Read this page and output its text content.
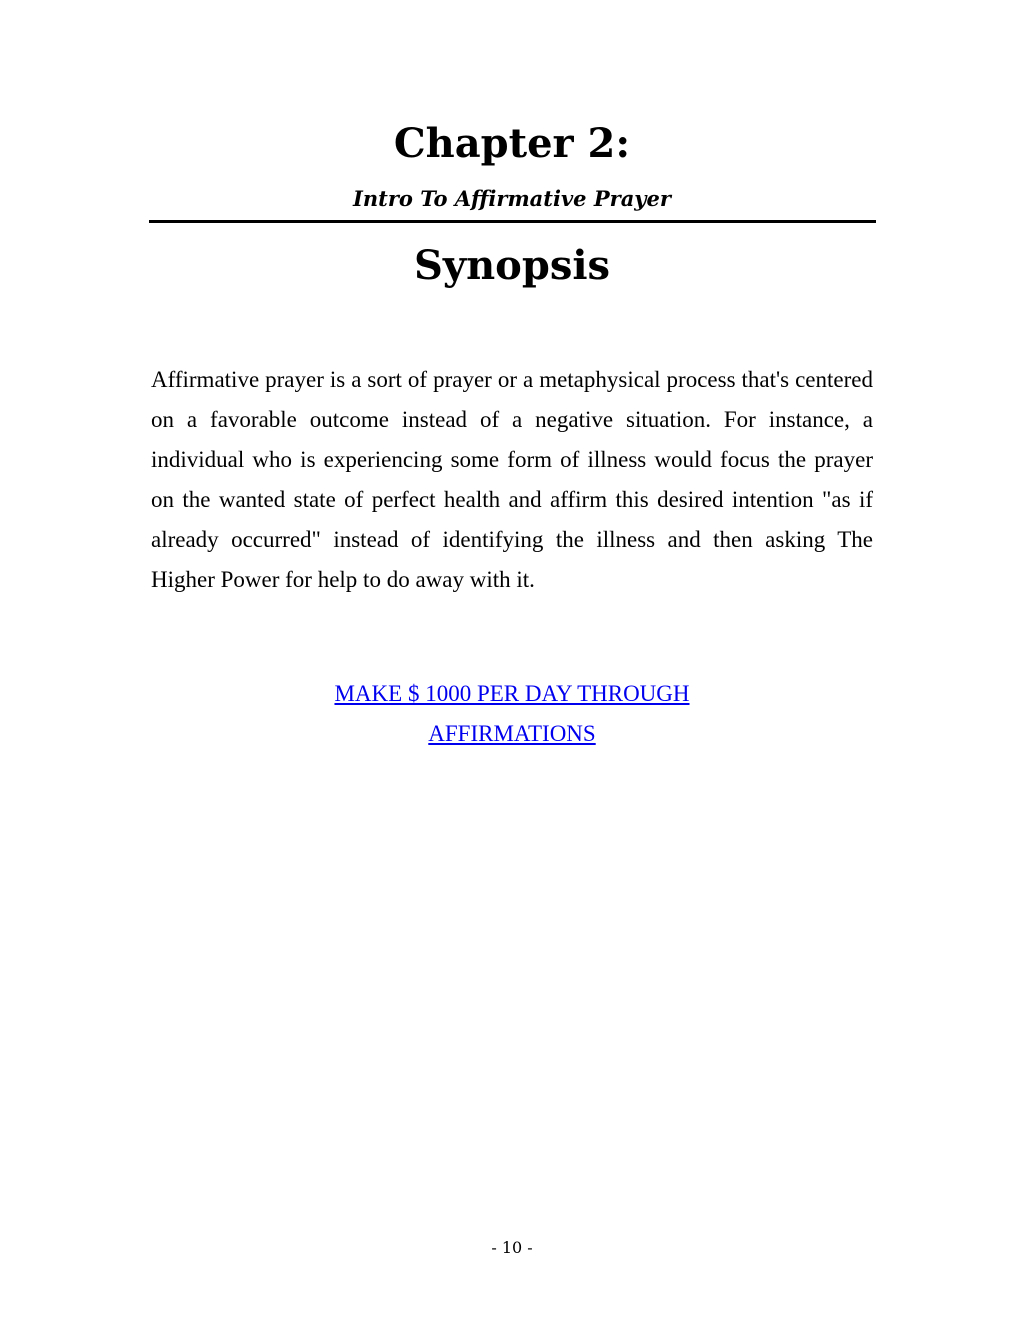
Chapter 2:

Intro To Affirmative Prayer

Synopsis

Affirmative prayer is a sort of prayer or a metaphysical process that's centered on a favorable outcome instead of a negative situation. For instance, a individual who is experiencing some form of illness would focus the prayer on the wanted state of perfect health and affirm this desired intention "as if already occurred" instead of identifying the illness and then asking The Higher Power for help to do away with it.

MAKE $ 1000 PER DAY THROUGH
AFFIRMATIONS
- 10 -
